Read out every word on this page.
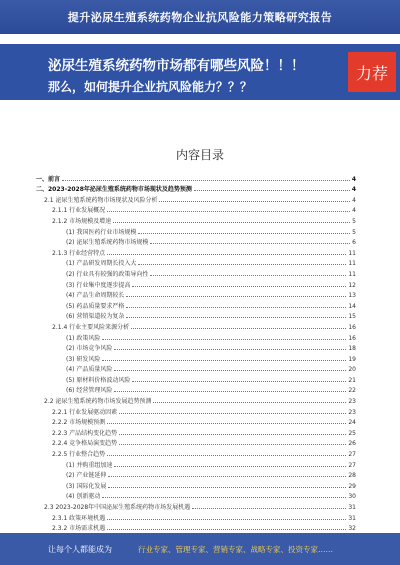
提升泌尿生殖系统药物企业抗风险能力策略研究报告
泌尿生殖系统药物市场都有哪些风险！！！
那么，如何提升企业抗风险能力？？？
力荐
内容目录
一、前言	4
二、2023-2028年泌尿生殖系统药物市场现状及趋势预测	4
2.1 泌尿生殖系统药物市场现状及风险分析	4
2.1.1 行业发展概况	4
2.1.2 市场规模及增速	5
(1) 我国医药行业市场规模	5
(2) 泌尿生殖系统药物市场规模	6
2.1.3 行业经营特点	11
(1) 产品研发周期长投入大	11
(2) 行业具有较强的政策导向性	11
(3) 行业集中度逐步提高	12
(4) 产品生命周期较长	13
(5) 药品质量要求严格	14
(6) 营销渠道较为复杂	15
2.1.4 行业主要风险来源分析	16
(1) 政策风险	16
(2) 市场竞争风险	18
(3) 研发风险	19
(4) 产品质量风险	20
(5) 原材料价格波动风险	21
(6) 经营管理风险	22
2.2 泌尿生殖系统药物市场发展趋势预测	23
2.2.1 行业发展驱动因素	23
2.2.2 市场规模预测	24
2.2.3 产品结构变化趋势	25
2.2.4 竞争格局演变趋势	26
2.2.5 行业整合趋势	27
(1) 并购重组加速	27
(2) 产业链延伸	28
(3) 国际化发展	29
(4) 创新驱动	30
2.3 2023-2028年中国泌尿生殖系统药物市场发展机遇	31
2.3.1 政策环境机遇	31
2.3.2 市场需求机遇	32
让每个人都能成为	行业专家、管理专家、营销专家、战略专家、投资专家……
